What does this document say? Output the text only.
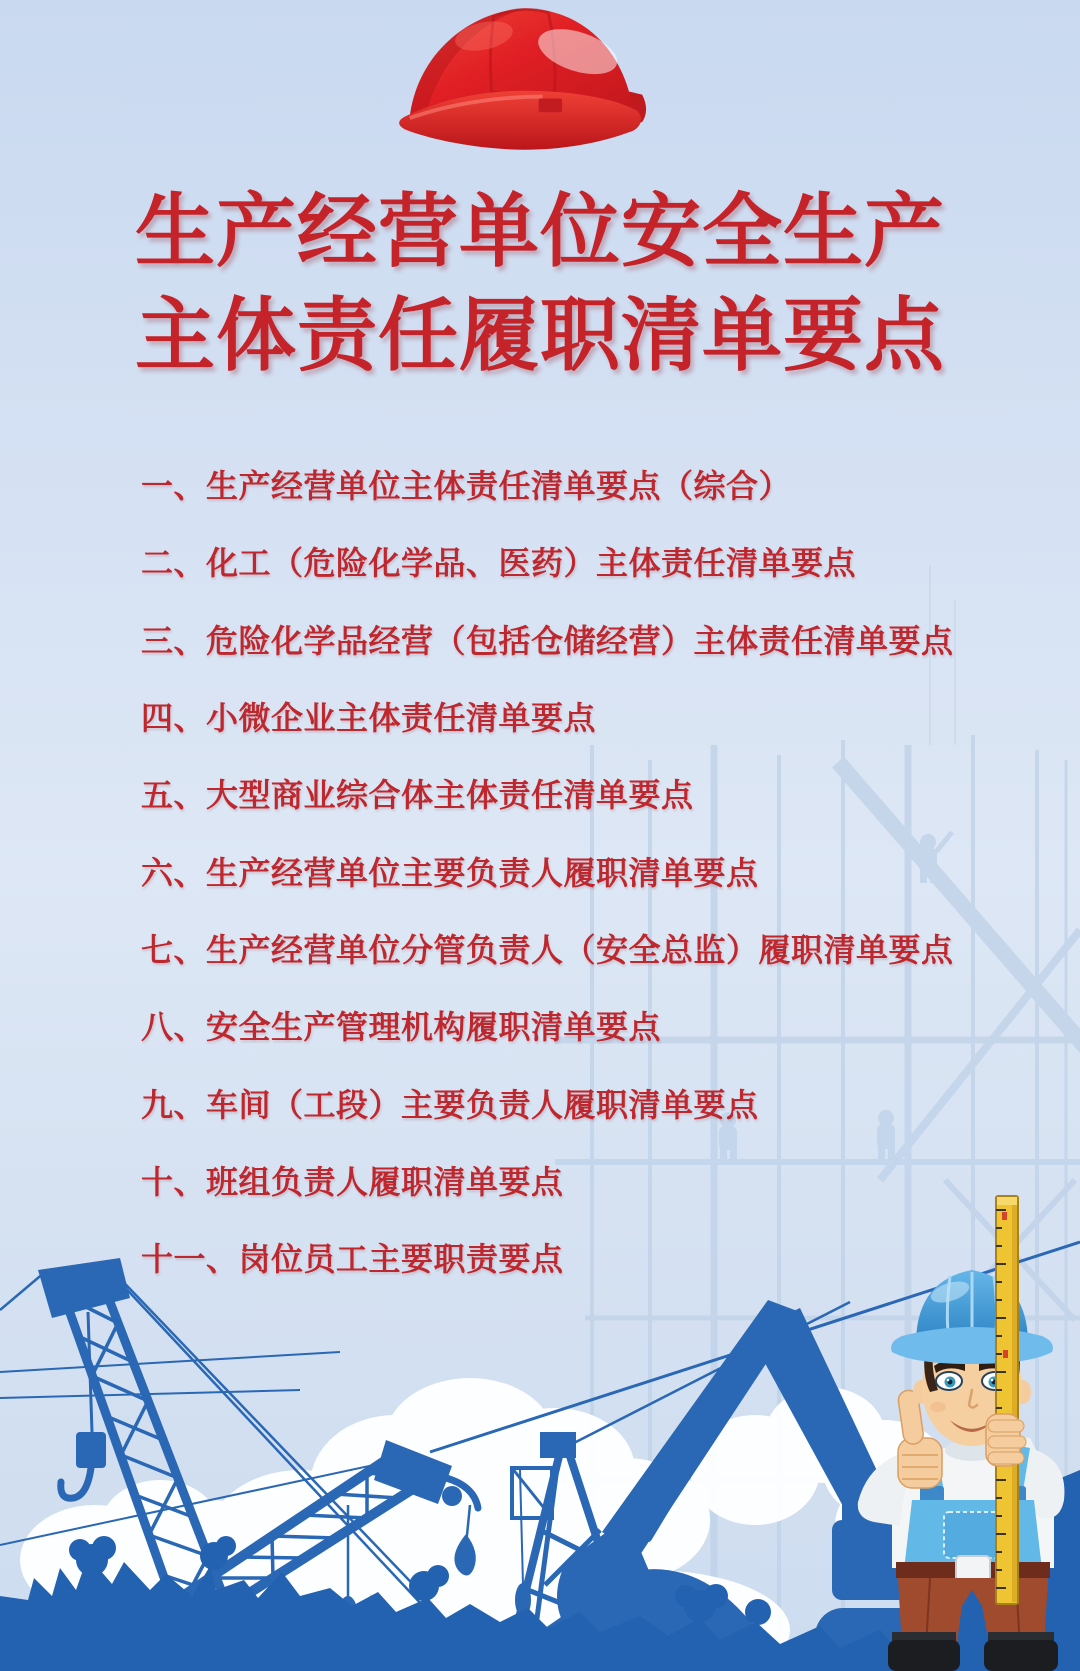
生产经营单位安全生产
主体责任履职清单要点
一、生产经营单位主体责任清单要点（综合）
二、化工（危险化学品、医药）主体责任清单要点
三、危险化学品经营（包括仓储经营）主体责任清单要点
四、小微企业主体责任清单要点
五、大型商业综合体主体责任清单要点
六、生产经营单位主要负责人履职清单要点
七、生产经营单位分管负责人（安全总监）履职清单要点
八、安全生产管理机构履职清单要点
九、车间（工段）主要负责人履职清单要点
十、班组负责人履职清单要点
十一、岗位员工主要职责要点
